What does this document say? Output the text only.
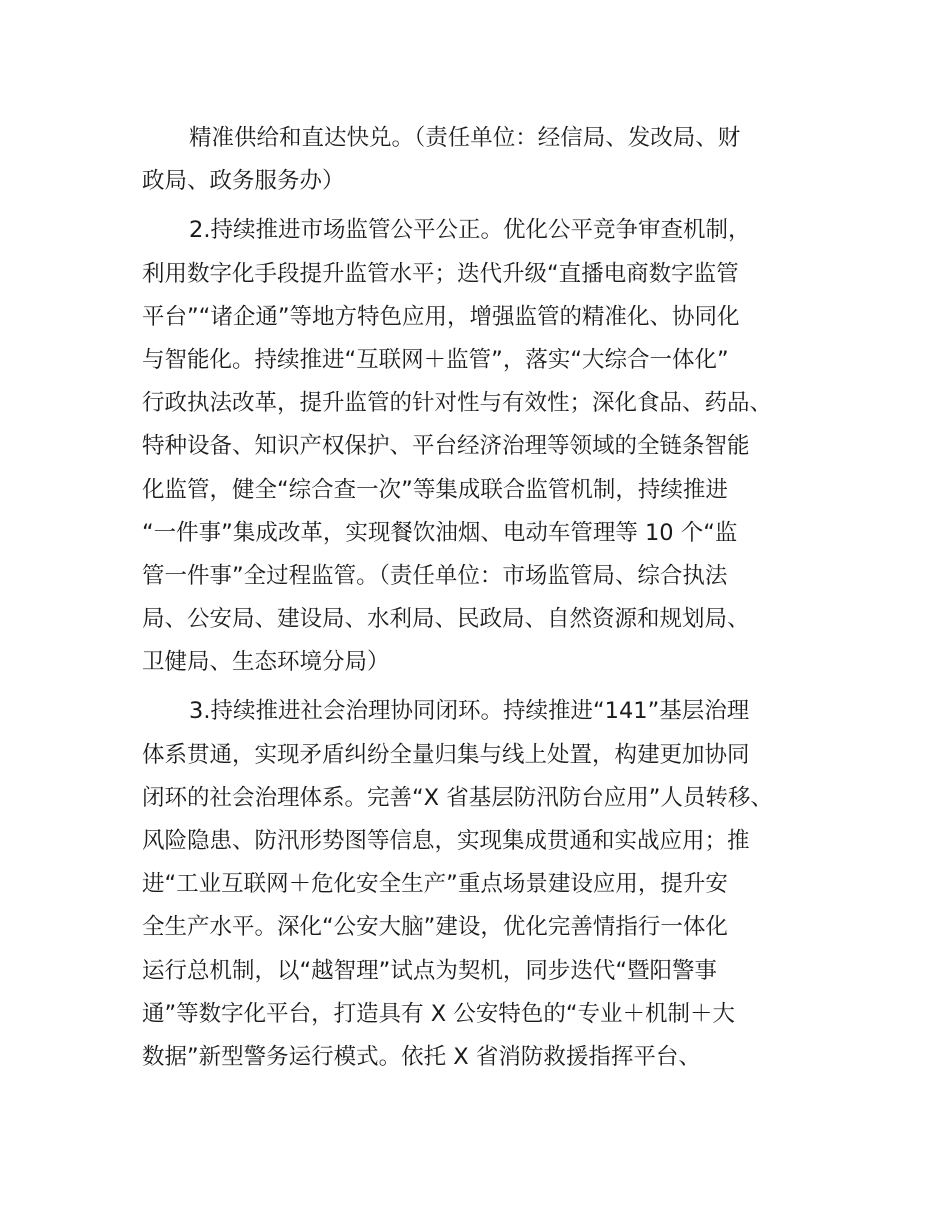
精准供给和直达快兑。（责任单位：经信局、发改局、财
政局、政务服务办）
2.持续推进市场监管公平公正。优化公平竞争审查机制，
利用数字化手段提升监管水平；迭代升级“直播电商数字监管
平台”“诸企通”等地方特色应用，增强监管的精准化、协同化
与智能化。持续推进“互联网＋监管”，落实“大综合一体化”
行政执法改革，提升监管的针对性与有效性；深化食品、药品、
特种设备、知识产权保护、平台经济治理等领域的全链条智能
化监管，健全“综合查一次”等集成联合监管机制，持续推进
“一件事”集成改革，实现餐饮油烟、电动车管理等 10 个“监
管一件事”全过程监管。（责任单位：市场监管局、综合执法
局、公安局、建设局、水利局、民政局、自然资源和规划局、
卫健局、生态环境分局）
3.持续推进社会治理协同闭环。持续推进“141”基层治理
体系贯通，实现矛盾纠纷全量归集与线上处置，构建更加协同
闭环的社会治理体系。完善“X 省基层防汛防台应用”人员转移、
风险隐患、防汛形势图等信息，实现集成贯通和实战应用；推
进“工业互联网＋危化安全生产”重点场景建设应用，提升安
全生产水平。深化“公安大脑”建设，优化完善情指行一体化
运行总机制，以“越智理”试点为契机，同步迭代“暨阳警事
通”等数字化平台，打造具有 X 公安特色的“专业＋机制＋大
数据”新型警务运行模式。依托 X 省消防救援指挥平台、
